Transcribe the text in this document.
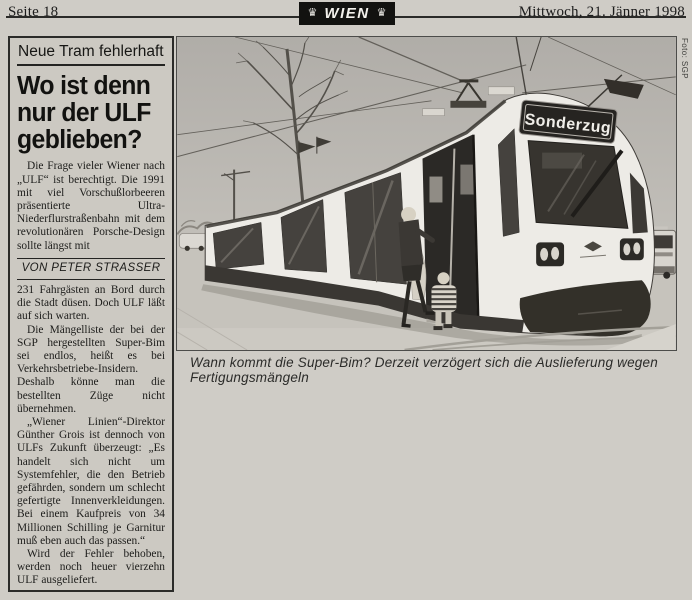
Seite 18	♛ WIEN ♛	Mittwoch, 21. Jänner 1998
Neue Tram fehlerhaft
Wo ist denn
nur der ULF
geblieben?

Die Frage vieler Wiener nach „ULF“ ist berechtigt. Die 1991 mit viel Vorschußlorbeeren präsentierte Ultra-Niederflurstraßenbahn mit dem revolutionären Porsche-Design sollte längst mit

VON PETER STRASSER

231 Fahrgästen an Bord durch die Stadt düsen. Doch ULF läßt auf sich warten.

Die Mängelliste der bei der SGP hergestellten Super-Bim sei endlos, heißt es bei Verkehrsbetriebe-Insidern. Deshalb könne man die bestellten Züge nicht übernehmen.

„Wiener Linien“-Direktor Günther Grois ist dennoch von ULFs Zukunft überzeugt: „Es handelt sich nicht um Systemfehler, die den Betrieb gefährden, sondern um schlecht gefertigte Innenverkleidungen. Bei einem Kaufpreis von 34 Millionen Schilling je Garnitur muß eben auch das passen.“

Wird der Fehler behoben, werden noch heuer vierzehn ULF ausgeliefert.

Sonderzug
Foto: SGP
Wann kommt die Super-Bim? Derzeit verzögert sich die Auslieferung wegen Fertigungsmängeln
